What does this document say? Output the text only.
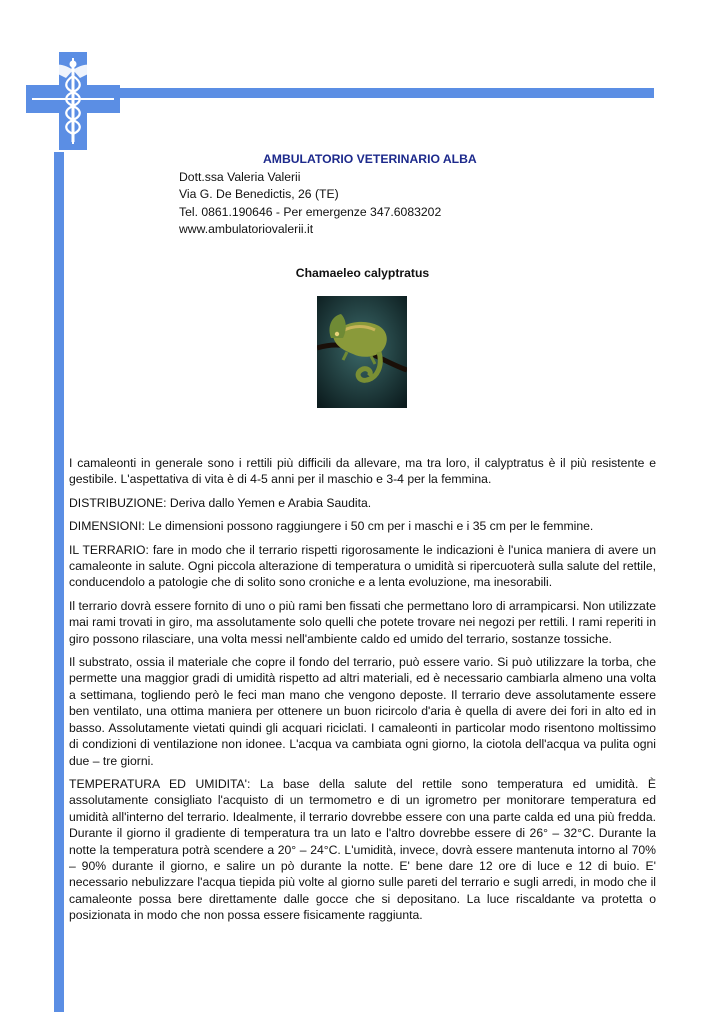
AMBULATORIO VETERINARIO ALBA
Dott.ssa Valeria Valerii
Via G. De Benedictis, 26 (TE)
Tel. 0861.190646 - Per emergenze 347.6083202
www.ambulatoriovalerii.it
Chamaeleo calyptratus

I camaleonti in generale sono i rettili più difficili da allevare, ma tra loro, il calyptratus è il più resistente e gestibile. L'aspettativa di vita è di 4-5 anni per il maschio e 3-4 per la femmina.

DISTRIBUZIONE: Deriva dallo Yemen e Arabia Saudita.

DIMENSIONI: Le dimensioni possono raggiungere i 50 cm per i maschi e i 35 cm per le femmine.

IL TERRARIO: fare in modo che il terrario rispetti rigorosamente le indicazioni è l'unica maniera di avere un camaleonte in salute. Ogni piccola alterazione di temperatura o umidità si ripercuoterà sulla salute del rettile, conducendolo a patologie che di solito sono croniche e a lenta evoluzione, ma inesorabili.

Il terrario dovrà essere fornito di uno o più rami ben fissati che permettano loro di arrampicarsi. Non utilizzate mai rami trovati in giro, ma assolutamente solo quelli che potete trovare nei negozi per rettili. I rami reperiti in giro possono rilasciare, una volta messi nell'ambiente caldo ed umido del terrario, sostanze tossiche.

Il substrato, ossia il materiale che copre il fondo del terrario, può essere vario. Si può utilizzare la torba, che permette una maggior gradi di umidità rispetto ad altri materiali, ed è necessario cambiarla almeno una volta a settimana, togliendo però le feci man mano che vengono deposte. Il terrario deve assolutamente essere ben ventilato, una ottima maniera per ottenere un buon ricircolo d'aria è quella di avere dei fori in alto ed in basso. Assolutamente vietati quindi gli acquari riciclati. I camaleonti in particolar modo risentono moltissimo di condizioni di ventilazione non idonee. L'acqua va cambiata ogni giorno, la ciotola dell'acqua va pulita ogni due – tre giorni.

TEMPERATURA ED UMIDITA': La base della salute del rettile sono temperatura ed umidità. È assolutamente consigliato l'acquisto di un termometro e di un igrometro per monitorare temperatura ed umidità all'interno del terrario. Idealmente, il terrario dovrebbe essere con una parte calda ed una più fredda. Durante il giorno il gradiente di temperatura tra un lato e l'altro dovrebbe essere di 26° – 32°C. Durante la notte la temperatura potrà scendere a 20° – 24°C. L'umidità, invece, dovrà essere mantenuta intorno al 70% – 90% durante il giorno, e salire un pò durante la notte. E' bene dare 12 ore di luce e 12 di buio. E' necessario nebulizzare l'acqua tiepida più volte al giorno sulle pareti del terrario e sugli arredi, in modo che il camaleonte possa bere direttamente dalle gocce che si depositano. La luce riscaldante va protetta o posizionata in modo che non possa essere fisicamente raggiunta.
